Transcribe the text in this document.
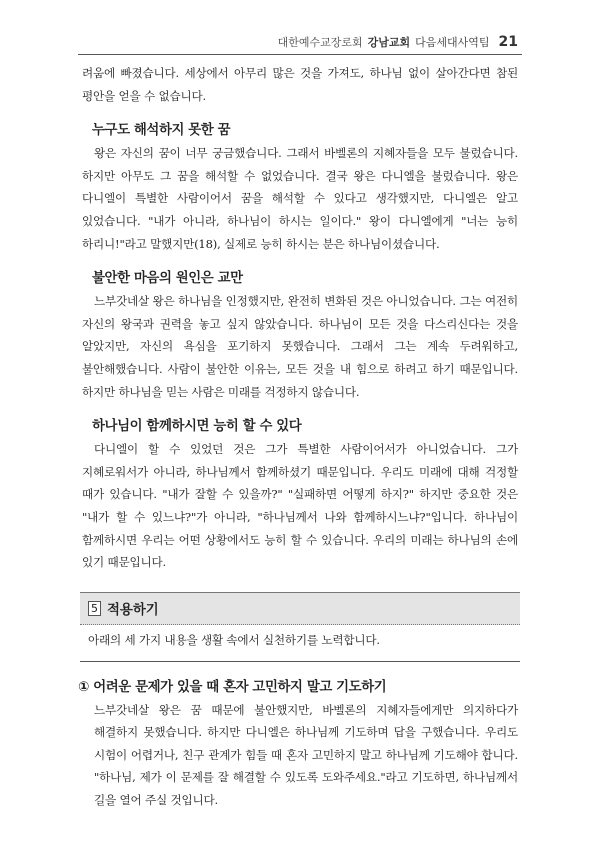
대한예수교장로회 강남교회 다음세대사역팀 21

려움에 빠졌습니다. 세상에서 아무리 많은 것을 가져도, 하나님 없이 살아간다면 참된 평안을 얻을 수 없습니다.

누구도 해석하지 못한 꿈

왕은 자신의 꿈이 너무 궁금했습니다. 그래서 바벨론의 지혜자들을 모두 불렀습니다. 하지만 아무도 그 꿈을 해석할 수 없었습니다. 결국 왕은 다니엘을 불렀습니다. 왕은 다니엘이 특별한 사람이어서 꿈을 해석할 수 있다고 생각했지만, 다니엘은 알고 있었습니다. "내가 아니라, 하나님이 하시는 일이다." 왕이 다니엘에게 "너는 능히 하리니!"라고 말했지만(18), 실제로 능히 하시는 분은 하나님이셨습니다.

불안한 마음의 원인은 교만

느부갓네살 왕은 하나님을 인정했지만, 완전히 변화된 것은 아니었습니다. 그는 여전히 자신의 왕국과 권력을 놓고 싶지 않았습니다. 하나님이 모든 것을 다스리신다는 것을 알았지만, 자신의 욕심을 포기하지 못했습니다. 그래서 그는 계속 두려워하고, 불안해했습니다. 사람이 불안한 이유는, 모든 것을 내 힘으로 하려고 하기 때문입니다. 하지만 하나님을 믿는 사람은 미래를 걱정하지 않습니다.

하나님이 함께하시면 능히 할 수 있다

다니엘이 할 수 있었던 것은 그가 특별한 사람이어서가 아니었습니다. 그가 지혜로워서가 아니라, 하나님께서 함께하셨기 때문입니다. 우리도 미래에 대해 걱정할 때가 있습니다. "내가 잘할 수 있을까?" "실패하면 어떻게 하지?" 하지만 중요한 것은 "내가 할 수 있느냐?"가 아니라, "하나님께서 나와 함께하시느냐?"입니다. 하나님이 함께하시면 우리는 어떤 상황에서도 능히 할 수 있습니다. 우리의 미래는 하나님의 손에 있기 때문입니다.

5 적용하기
아래의 세 가지 내용을 생활 속에서 실천하기를 노력합니다.
① 어려운 문제가 있을 때 혼자 고민하지 말고 기도하기

느부갓네살 왕은 꿈 때문에 불안했지만, 바벨론의 지혜자들에게만 의지하다가 해결하지 못했습니다. 하지만 다니엘은 하나님께 기도하며 답을 구했습니다. 우리도 시험이 어렵거나, 친구 관계가 힘들 때 혼자 고민하지 말고 하나님께 기도해야 합니다. "하나님, 제가 이 문제를 잘 해결할 수 있도록 도와주세요."라고 기도하면, 하나님께서 길을 열어 주실 것입니다.
